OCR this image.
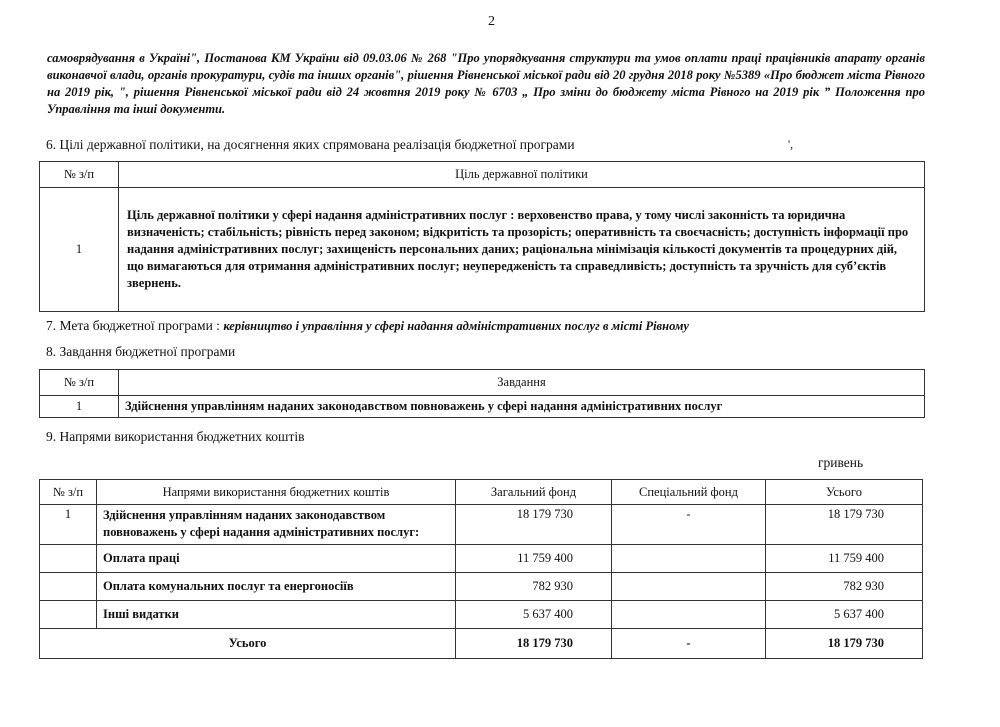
2
самоврядування в Україні", Постанова КМ України від 09.03.06 № 268 "Про упорядкування структури та умов оплати праці працівників апарату органів виконавчої влади, органів прокуратури, судів та інших органів", рішення Рівненської міської ради від 20 грудня 2018 року №5389 «Про бюджет міста Рівного на 2019 рік, ", рішення Рівненської міської ради від 24 жовтня 2019 року № 6703 „ Про зміни до бюджету міста Рівного на 2019 рік ” Положення про Управління та інші документи.
6. Цілі державної політики, на досягнення яких спрямована реалізація бюджетної програми	',
№ з/п	Ціль державної політики
1	Ціль державної політики у сфері надання адміністративних послуг : верховенство права, у тому числі законність та юридична визначеність; стабільність; рівність перед законом; відкритість та прозорість; оперативність та своєчасність; доступність інформації про надання адміністративних послуг; захищеність персональних даних; раціональна мінімізація кількості документів та процедурних дій, що вимагаються для отримання адміністративних послуг; неупередженість та справедливість; доступність та зручність для суб’єктів звернень.
7. Мета бюджетної програми : керівництво і управління у сфері надання адміністративних послуг в місті Рівному
8. Завдання бюджетної програми
№ з/п	Завдання
1	Здійснення управлінням наданих законодавством повноважень у сфері надання адміністративних послуг
9. Напрями використання бюджетних коштів
гривень
№ з/п	Напрями використання бюджетних коштів	Загальний фонд	Спеціальний фонд	Усього
1	Здійснення управлінням наданих законодавством повноважень у сфері надання адміністративних послуг:	18 179 730	-	18 179 730
	Оплата праці	11 759 400		11 759 400
	Оплата комунальних послуг та енергоносіїв	782 930		782 930
	Інші видатки	5 637 400		5 637 400
Усього		18 179 730	-	18 179 730
